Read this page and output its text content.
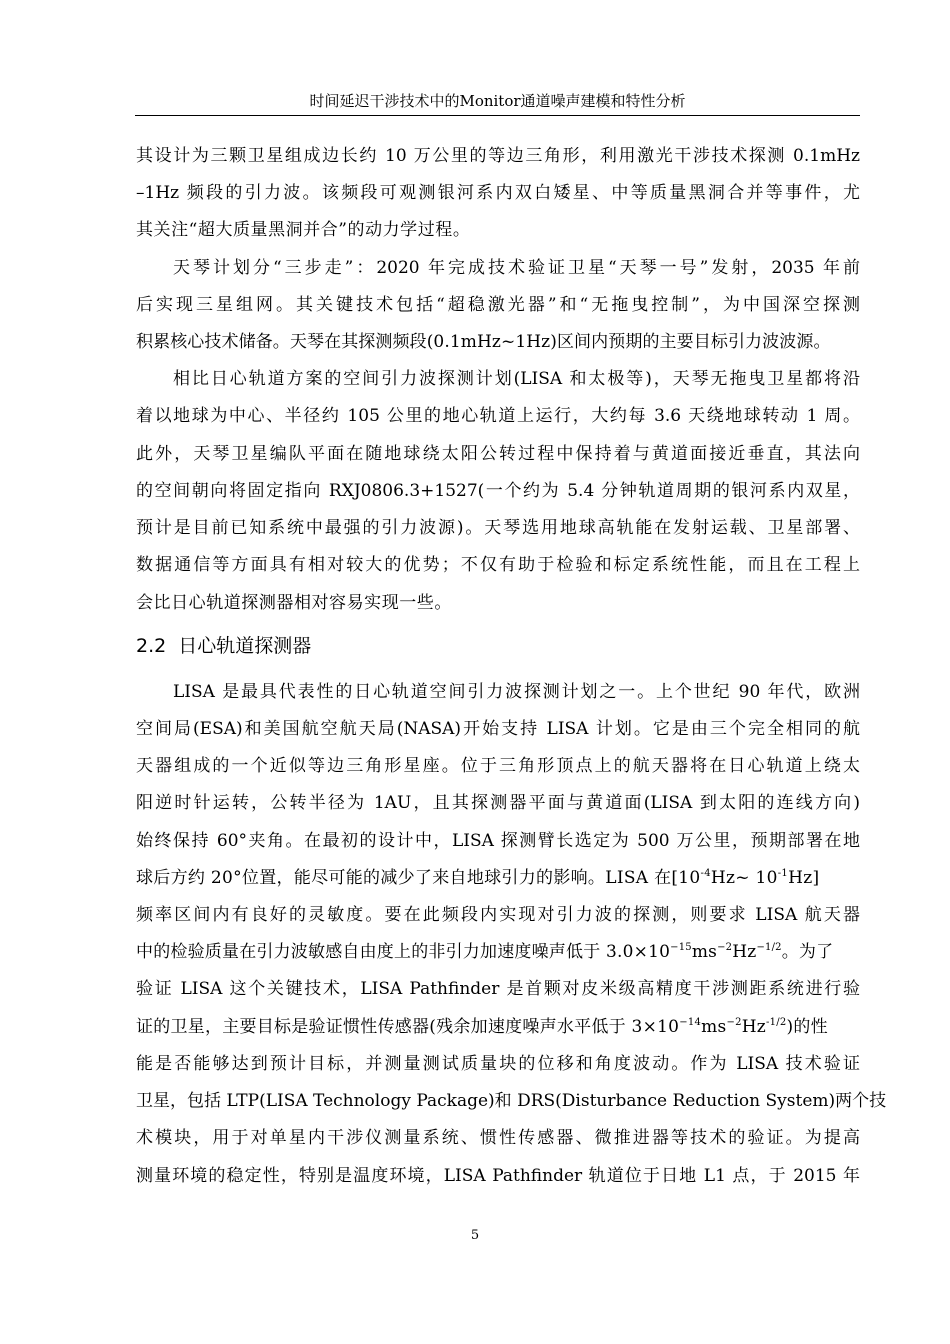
时间延迟干涉技术中的Monitor通道噪声建模和特性分析
其设计为三颗卫星组成边长约 10 万公里的等边三角形，利用激光干涉技术探测 0.1mHz
–1Hz 频段的引力波。该频段可观测银河系内双白矮星、中等质量黑洞合并等事件，尤
其关注“超大质量黑洞并合”的动力学过程。
天琴计划分“三步走”：2020 年完成技术验证卫星“天琴一号”发射，2035 年前
后实现三星组网。其关键技术包括“超稳激光器”和“无拖曳控制”，为中国深空探测
积累核心技术储备。天琴在其探测频段(0.1mHz~1Hz)区间内预期的主要目标引力波波源。
相比日心轨道方案的空间引力波探测计划(LISA 和太极等)，天琴无拖曳卫星都将沿
着以地球为中心、半径约 105 公里的地心轨道上运行，大约每 3.6 天绕地球转动 1 周。
此外，天琴卫星编队平面在随地球绕太阳公转过程中保持着与黄道面接近垂直，其法向
的空间朝向将固定指向 RXJ0806.3+1527(一个约为 5.4 分钟轨道周期的银河系内双星，
预计是目前已知系统中最强的引力波源)。天琴选用地球高轨能在发射运载、卫星部署、
数据通信等方面具有相对较大的优势；不仅有助于检验和标定系统性能，而且在工程上
会比日心轨道探测器相对容易实现一些。
2.2 日心轨道探测器
LISA 是最具代表性的日心轨道空间引力波探测计划之一。上个世纪 90 年代，欧洲
空间局(ESA)和美国航空航天局(NASA)开始支持 LISA 计划。它是由三个完全相同的航
天器组成的一个近似等边三角形星座。位于三角形顶点上的航天器将在日心轨道上绕太
阳逆时针运转，公转半径为 1AU，且其探测器平面与黄道面(LISA 到太阳的连线方向)
始终保持 60°夹角。在最初的设计中，LISA 探测臂长选定为 500 万公里，预期部署在地
球后方约 20°位置，能尽可能的减少了来自地球引力的影响。LISA 在[$10^{-4}Hz\sim$ $10^{-1}Hz$]
频率区间内有良好的灵敏度。要在此频段内实现对引力波的探测，则要求 LISA 航天器
中的检验质量在引力波敏感自由度上的非引力加速度噪声低于 $3.0\times 10^{-15}ms^{-2}Hz^{-1/2}$。为了
验证 LISA 这个关键技术，LISA Pathfinder 是首颗对皮米级高精度干涉测距系统进行验
证的卫星，主要目标是验证惯性传感器(残余加速度噪声水平低于 $3\times 10^{-14}ms^{-2}Hz^{-1/2}$)的性
能是否能够达到预计目标，并测量测试质量块的位移和角度波动。作为 LISA 技术验证
卫星，包括 LTP(LISA Technology Package)和 DRS(Disturbance Reduction System)两个技
术模块，用于对单星内干涉仪测量系统、惯性传感器、微推进器等技术的验证。为提高
测量环境的稳定性，特别是温度环境，LISA Pathfinder 轨道位于日地 L1 点，于 2015 年
5
